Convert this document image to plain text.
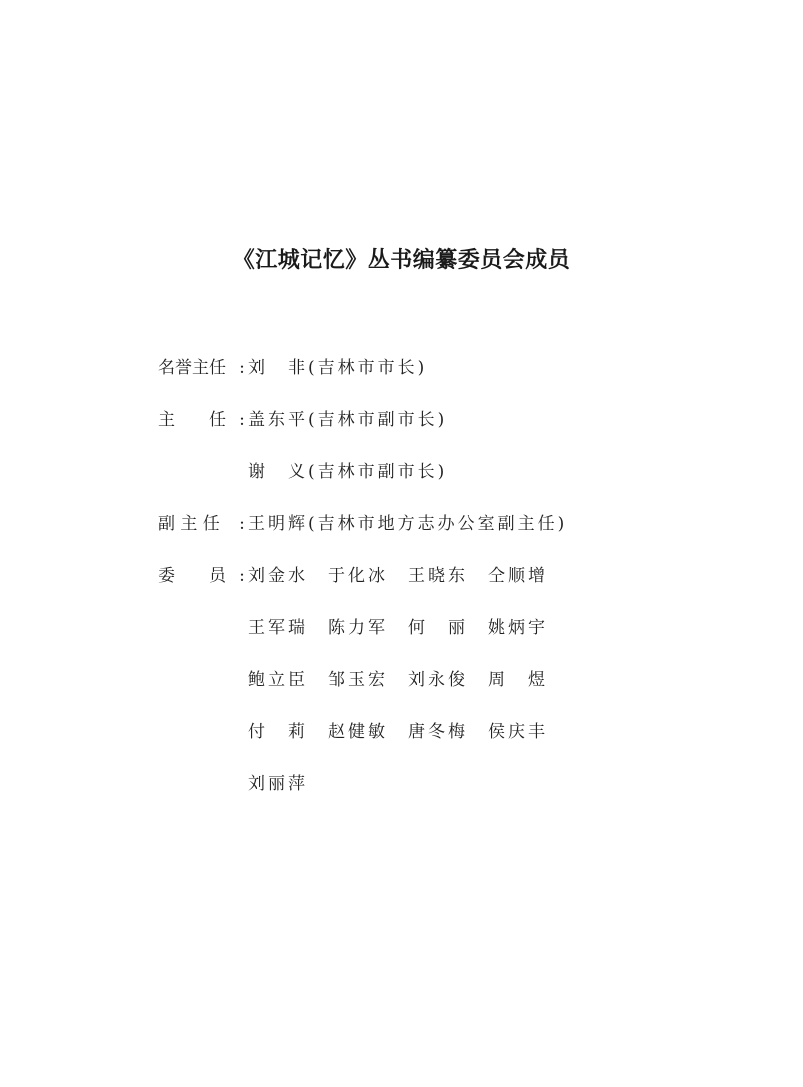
《江城记忆》丛书编纂委员会成员
名誉主任 : 刘　非(吉林市市长)
主　　任 : 盖东平(吉林市副市长)
谢　义(吉林市副市长)
副 主 任 : 王明辉(吉林市地方志办公室副主任)
委　　员 : 刘金水 于化冰 王晓东 仝顺增
王军瑞 陈力军 何　丽 姚炳宇
鲍立臣 邹玉宏 刘永俊 周　煜
付　莉 赵健敏 唐冬梅 侯庆丰
刘丽萍
